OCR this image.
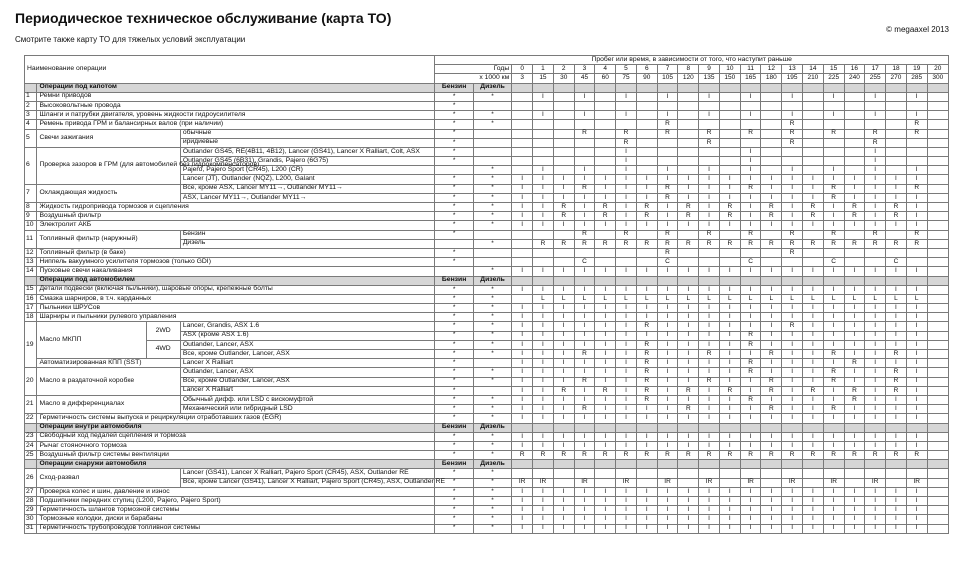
Периодическое техническое обслуживание (карта ТО)
© megaaxel 2013
Смотрите также карту ТО для тяжелых условий эксплуатации
Наименование операции				Пробег или время, в зависимости от того, что наступит раньше																						
				Годы		0	1	2	3	4	5	6	7	8	9	10	11	12	13	14	15	16	17	18	19	20
				x 1000 км		3	15	30	45	60	75	90	105	120	135	150	165	180	195	210	225	240	255	270	285	300
	Операции под капотом			Бензин	Дизель																					
1	Ремни приводов			*	*		I		I		I		I		I		I		I		I		I		I	
2	Высоковольтные провода			*																						
3	Шланги и патрубки двигателя, уровень жидкости гидроусилителя			*	*		I		I		I		I		I		I		I		I		I		I	
4	Ремень привода ГРМ и балансирных валов (при наличии)			*	*								R						R						R	
5	Свечи зажигания		обычные	*					R		R		R		R		R		R		R		R		R	
			иридиевые	*							R				R				R				R			
6	Проверка зазоров в ГРМ (для автомобилей без гидрокомпенсаторов)		Outlander GS45, RE(4B11, 4B12), Lancer (GS41), Lancer X Ralliart, Colt, ASX	*							I						I						I			
			Outlander GS45 (6B31), Grandis, Pajero (6G75)	*							I						I						I			
			Pajero, Pajero Sport (CR45), L200 (CR)		*		I		I		I		I		I		I		I		I		I		I	
			Lancer (JT), Outlander (NQZ), L200, Galant	*	*	I	I	I	I	I	I	I	I	I	I	I	I	I	I	I	I	I	I	I	I	
7	Охлаждающая жидкость		Все, кроме ASX, Lancer MY11→, Outlander MY11→	*	*	I	I	I	R	I	I	I	R	I	I	I	R	I	I	I	R	I	I	I	R	
			ASX, Lancer MY11→, Outlander MY11→	*	*	I	I	I	I	I	I	I	R	I	I	I	I	I	I	I	R	I	I	I	I	
8	Жидкость гидропривода тормозов и сцепления			*	*	I	I	R	I	R	I	R	I	R	I	R	I	R	I	R	I	R	I	R	I	
9	Воздушный фильтр			*	*	I	I	R	I	R	I	R	I	R	I	R	I	R	I	R	I	R	I	R	I	
10	Электролит АКБ			*	*	I	I	I	I	I	I	I	I	I	I	I	I	I	I	I	I	I	I	I	I	
11	Топливный фильтр (наружный)		Бензин	*					R		R		R		R		R		R		R		R		R	
			Дизель		*		R	R	R	R	R	R	R	R	R	R	R	R	R	R	R	R	R	R	R	
12	Топливный фильтр (в баке)			*									R						R							
13	Ниппель вакуумного усилителя тормозов (только GDI)			*					C				C				C				C			C		
14	Пусковые свечи накаливания				*	I	I	I	I	I	I	I	I	I	I	I	I	I	I	I	I	I	I	I	I	
	Операции под автомобилем			Бензин	Дизель																					
15	Детали подвески (включая пыльники), шаровые опоры, крепежные болты			*	*	I	I	I	I	I	I	I	I	I	I	I	I	I	I	I	I	I	I	I	I	
16	Смазка шарниров, в т.ч. карданных			*	*		L	L	L	L	L	L	L	L	L	L	L	L	L	L	L	L	L	L	L	
17	Пыльники ШРУСов			*	*	I	I	I	I	I	I	I	I	I	I	I	I	I	I	I	I	I	I	I	I	
18	Шарниры и пыльники рулевого управления			*	*	I	I	I	I	I	I	I	I	I	I	I	I	I	I	I	I	I	I	I	I	
19	Масло МКПП	2WD	Lancer, Grandis, ASX 1.6	*	*	I	I	I	I	I	I	R	I	I	I	I	I	I	R	I	I	I	I	I	I	
			ASX (кроме ASX 1.6)	*	*	I	I	I	I	I	I	I	I	I	I	I	R	I	I	I	I	I	I	I	I	
		4WD	Outlander, Lancer, ASX	*	*	I	I	I	I	I	I	R	I	I	I	I	R	I	I	I	I	I	I	I	I	
			Все, кроме Outlander, Lancer, ASX	*	*	I	I	I	R	I	I	R	I	I	R	I	I	R	I	I	R	I	I	R	I	
	Автоматизированная КПП (SST)		Lancer X Ralliart	*		I	I	I	I	I	I	R	I	I	I	I	R	I	I	I	I	R	I	I	I	
20	Масло в раздаточной коробке		Outlander, Lancer, ASX	*	*	I	I	I	I	I	I	R	I	I	I	I	R	I	I	I	R	I	I	R	I	
			Все, кроме Outlander, Lancer, ASX	*	*	I	I	I	R	I	I	R	I	I	R	I	I	R	I	I	R	I	I	R	I	
			Lancer X Ralliart	*		I	I	R	I	R	I	R	I	R	I	R	I	R	I	R	I	R	I	R	I	
21	Масло в дифференциалах		Обычный дифф. или LSD с вискомуфтой	*	*	I	I	I	I	I	I	R	I	I	I	I	R	I	I	I	I	R	I	I	I	
			Механический или гибридный LSD	*	*	I	I	I	R	I	I	I	I	R	I	I	I	R	I	I	R	I	I	I	I	
22	Герметичность системы выпуска и рециркуляции отработавших газов (EGR)			*	*	I	I	I	I	I	I	I	I	I	I	I	I	I	I	I	I	I	I	I	I	
	Операции внутри автомобиля			Бензин	Дизель																					
23	Свободный ход педалей сцепления и тормоза			*	*	I	I	I	I	I	I	I	I	I	I	I	I	I	I	I	I	I	I	I	I	
24	Рычаг стояночного тормоза			*	*	I	I	I	I	I	I	I	I	I	I	I	I	I	I	I	I	I	I	I	I	
25	Воздушный фильтр системы вентиляции			*	*	R	R	R	R	R	R	R	R	R	R	R	R	R	R	R	R	R	R	R	R	
	Операции снаружи автомобиля			Бензин	Дизель																					
26	Сход-развал		Lancer (GS41), Lancer X Ralliart, Pajero Sport (CR45), ASX, Outlander RE	*	*																					
			Все, кроме Lancer (GS41), Lancer X Ralliart, Pajero Sport (CR45), ASX, Outlander RE	*	*	IR	IR		IR		IR		IR		IR		IR		IR		IR		IR		IR	
27	Проверка колес и шин, давление и износ			*	*	I	I	I	I	I	I	I	I	I	I	I	I	I	I	I	I	I	I	I	I	
28	Подшипники передних ступиц (L200, Pajero, Pajero Sport)			*	*	I	I	I	I	I	I	I	I	I	I	I	I	I	I	I	I	I	I	I	I	
29	Герметичность шлангов тормозной системы			*	*	I	I	I	I	I	I	I	I	I	I	I	I	I	I	I	I	I	I	I	I	
30	Тормозные колодки, диски и барабаны			*	*	I	I	I	I	I	I	I	I	I	I	I	I	I	I	I	I	I	I	I	I	
31	Герметичность трубопроводов топливной системы			*	*	I	I	I	I	I	I	I	I	I	I	I	I	I	I	I	I	I	I	I	I	
